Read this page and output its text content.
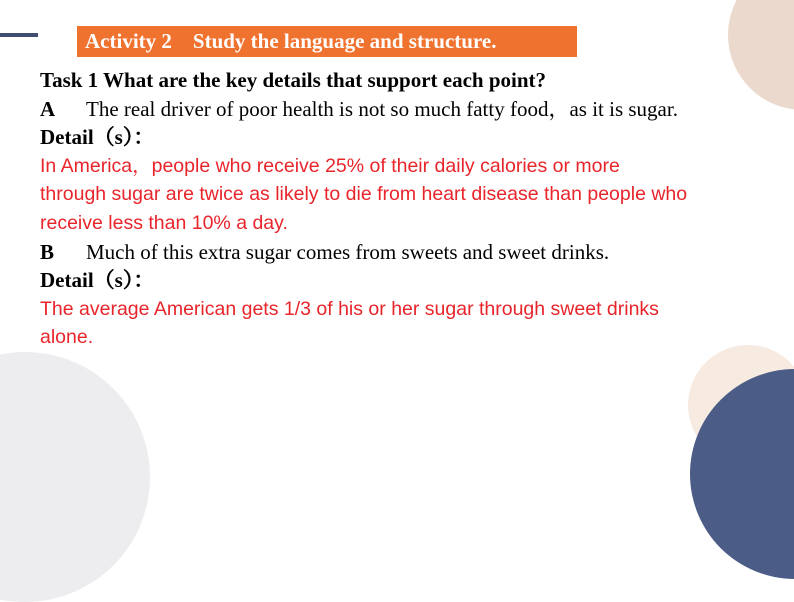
Activity 2    Study the language and structure.
Task 1 What are the key details that support each point?
A The real driver of poor health is not so much fatty food，as it is sugar.
Detail（s）：
In America，people who receive 25% of their daily calories or more
through sugar are twice as likely to die from heart disease than people who
receive less than 10% a day.
B Much of this extra sugar comes from sweets and sweet drinks.
Detail（s）：
The average American gets 1/3 of his or her sugar through sweet drinks
alone.
